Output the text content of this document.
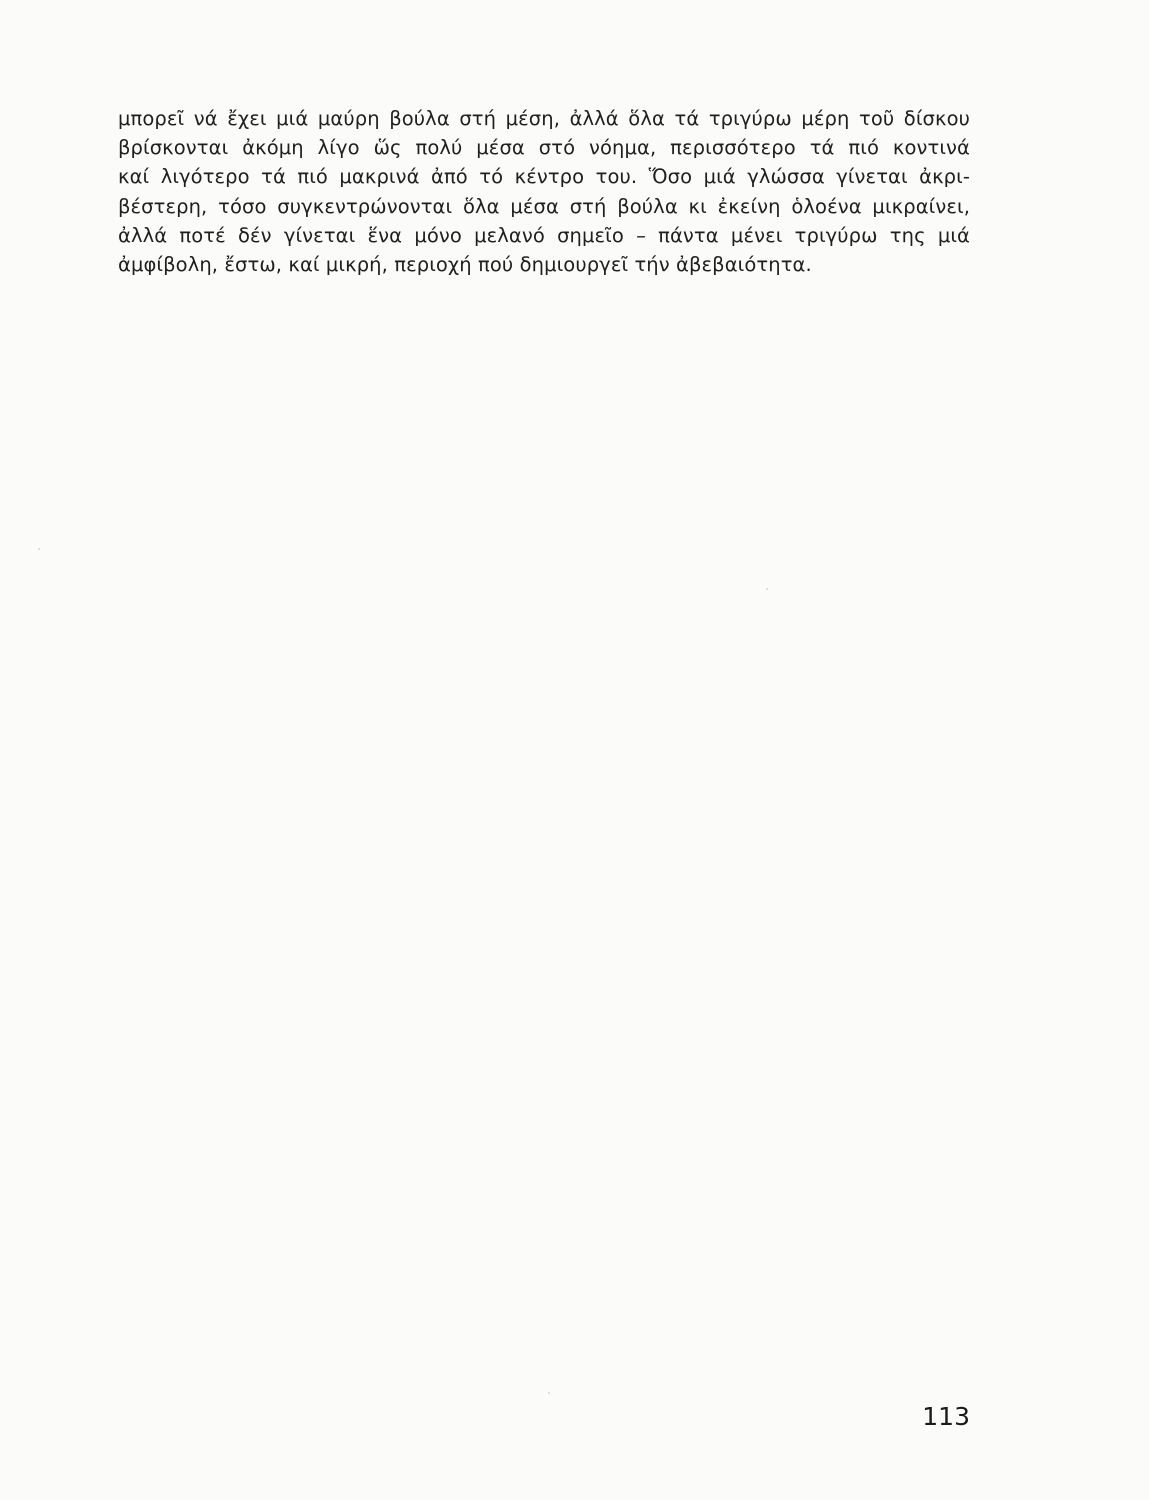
μπορεῖ νά ἔχει μιά μαύρη βούλα στή μέση, ἀλλά ὅλα τά τριγύρω μέρη τοῦ δίσκου
βρίσκονται ἀκόμη λίγο ὥς πολύ μέσα στό νόημα, περισσότερο τά πιό κοντινά
καί λιγότερο τά πιό μακρινά ἀπό τό κέντρο του. Ὅσο μιά γλώσσα γίνεται ἀκρι-
βέστερη, τόσο συγκεντρώνονται ὅλα μέσα στή βούλα κι ἐκείνη ὁλοένα μικραίνει,
ἀλλά ποτέ δέν γίνεται ἕνα μόνο μελανό σημεῖο – πάντα μένει τριγύρω της μιά
ἀμφίβολη, ἔστω, καί μικρή, περιοχή πού δημιουργεῖ τήν ἀβεβαιότητα.
113
